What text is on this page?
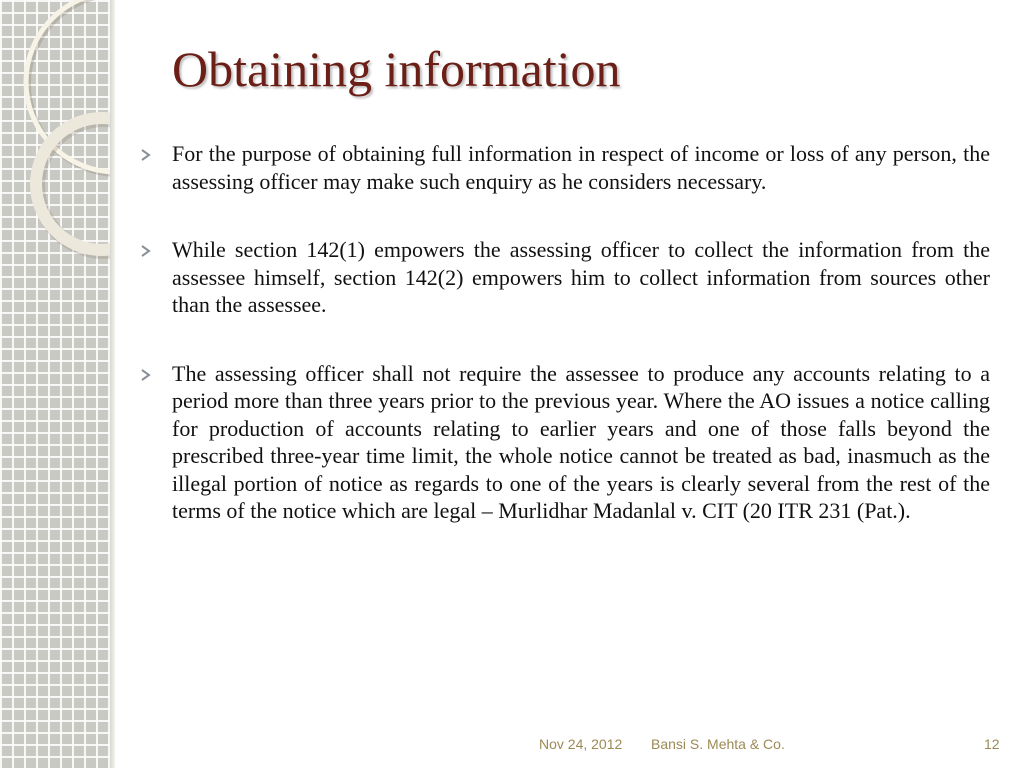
Obtaining information
For the purpose of obtaining full information in respect of income or loss of any person, the assessing officer may make such enquiry as he considers necessary.
While section 142(1) empowers the assessing officer to collect the information from the assessee himself, section 142(2) empowers him to collect information from sources other than the assessee.
The assessing officer shall not require the assessee to produce any accounts relating to a period more than three years prior to the previous year. Where the AO issues a notice calling for production of accounts relating to earlier years and one of those falls beyond the prescribed three-year time limit, the whole notice cannot be treated as bad, inasmuch as the illegal portion of notice as regards to one of the years is clearly several from the rest of the terms of the notice which are legal – Murlidhar Madanlal v. CIT (20 ITR 231 (Pat.).
Nov 24, 2012 Bansi S. Mehta & Co.	12
